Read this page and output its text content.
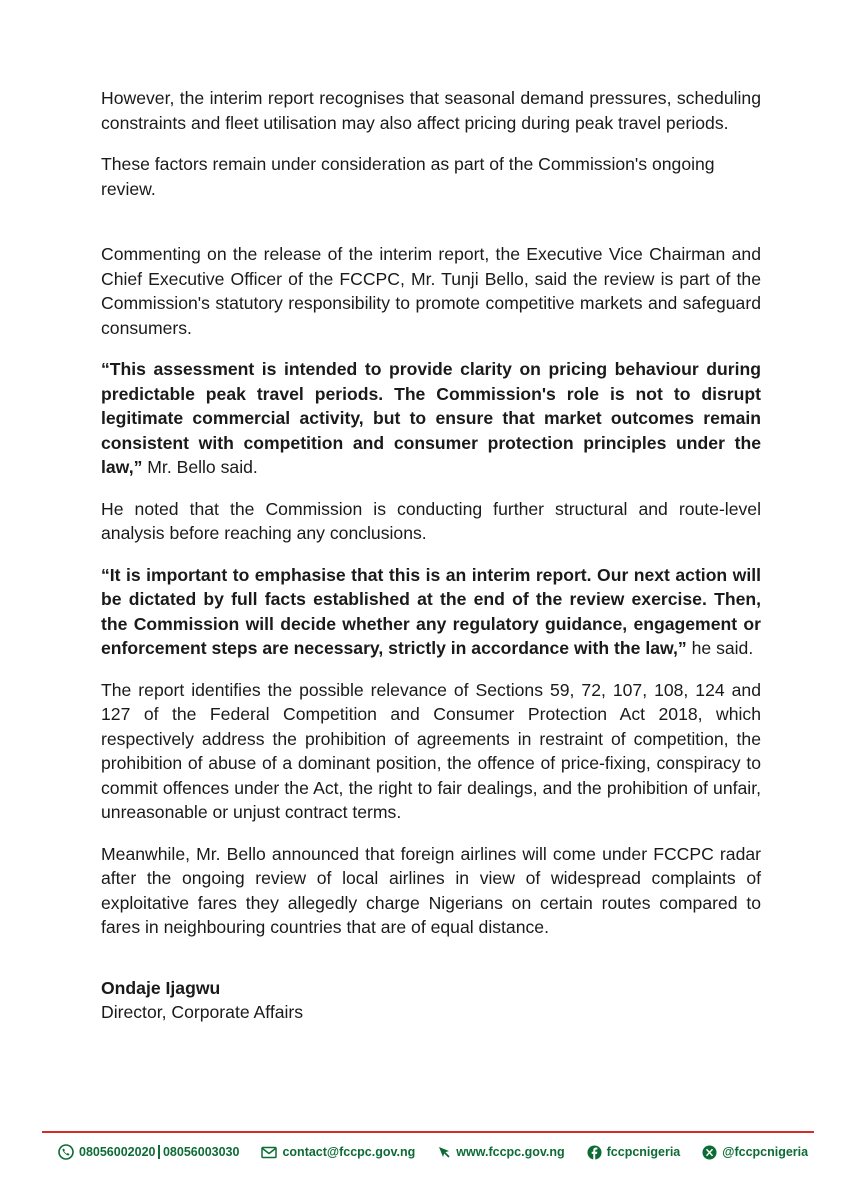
However, the interim report recognises that seasonal demand pressures, scheduling constraints and fleet utilisation may also affect pricing during peak travel periods.

These factors remain under consideration as part of the Commission's ongoing review.

Commenting on the release of the interim report, the Executive Vice Chairman and Chief Executive Officer of the FCCPC, Mr. Tunji Bello, said the review is part of the Commission's statutory responsibility to promote competitive markets and safeguard consumers.

“This assessment is intended to provide clarity on pricing behaviour during predictable peak travel periods. The Commission's role is not to disrupt legitimate commercial activity, but to ensure that market outcomes remain consistent with competition and consumer protection principles under the law,” Mr. Bello said.

He noted that the Commission is conducting further structural and route-level analysis before reaching any conclusions.

“It is important to emphasise that this is an interim report. Our next action will be dictated by full facts established at the end of the review exercise. Then, the Commission will decide whether any regulatory guidance, engagement or enforcement steps are necessary, strictly in accordance with the law,” he said.

The report identifies the possible relevance of Sections 59, 72, 107, 108, 124 and 127 of the Federal Competition and Consumer Protection Act 2018, which respectively address the prohibition of agreements in restraint of competition, the prohibition of abuse of a dominant position, the offence of price-fixing, conspiracy to commit offences under the Act, the right to fair dealings, and the prohibition of unfair, unreasonable or unjust contract terms.

Meanwhile, Mr. Bello announced that foreign airlines will come under FCCPC radar after the ongoing review of local airlines in view of widespread complaints of exploitative fares they allegedly charge Nigerians on certain routes compared to fares in neighbouring countries that are of equal distance.

Ondaje Ijagwu
Director, Corporate Affairs
08056002020 08056003030	contact@fccpc.gov.ng	www.fccpc.gov.ng	fccpcnigeria	@fccpcnigeria
